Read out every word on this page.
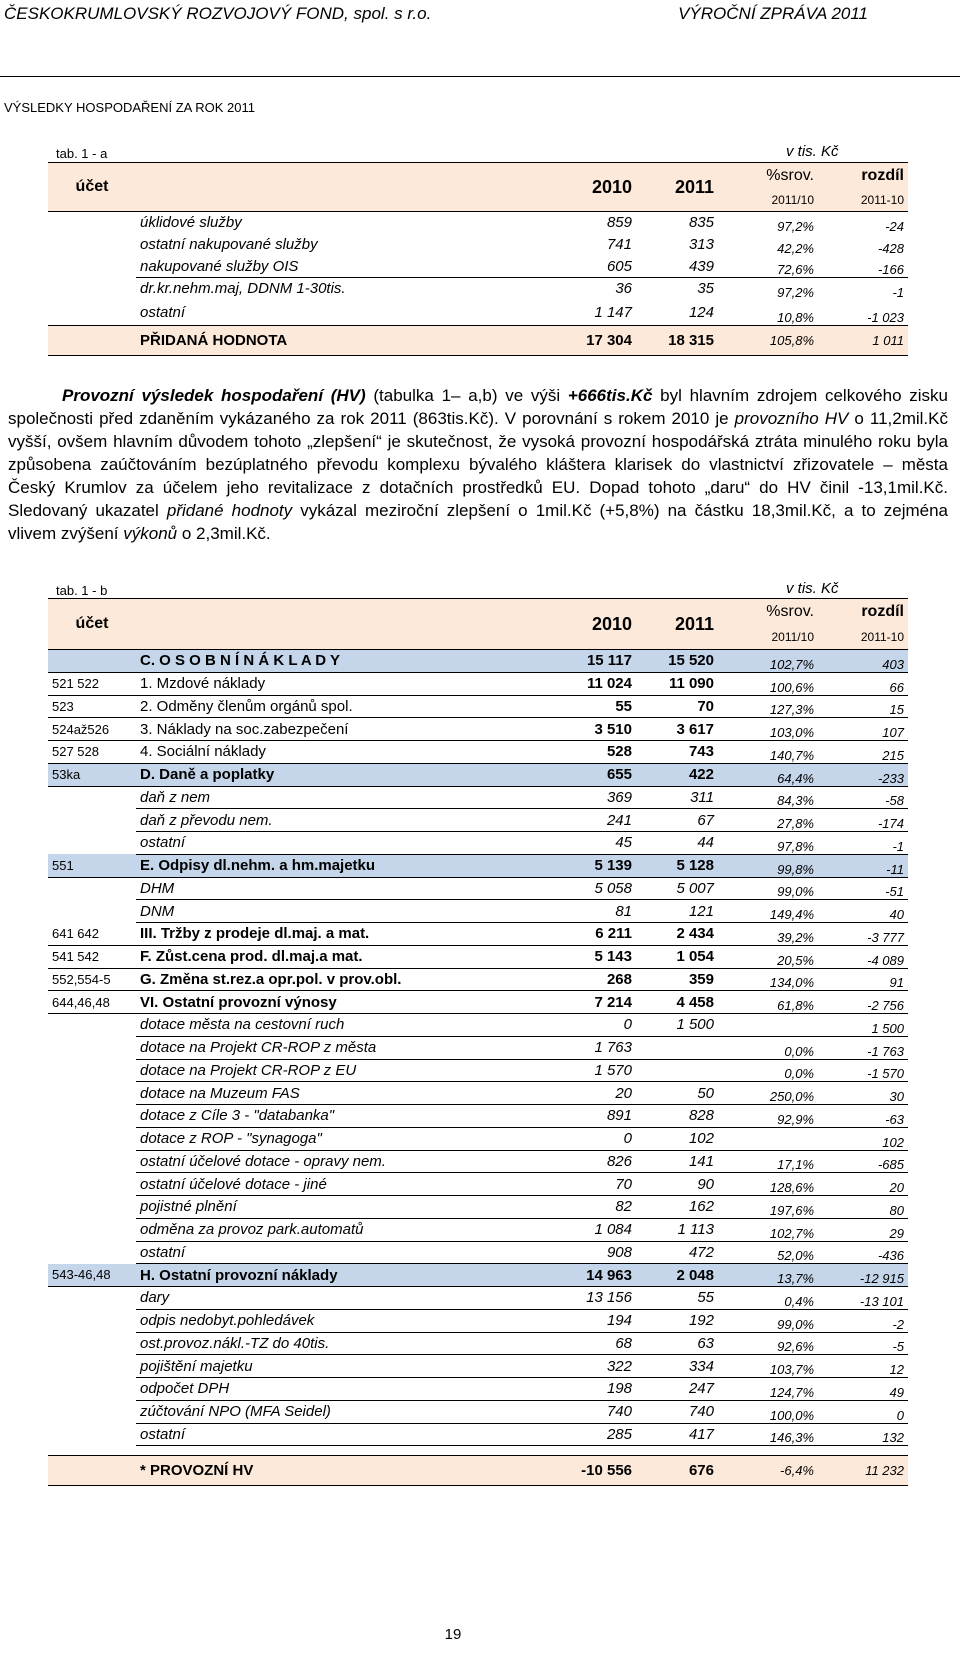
ČESKOKRUMLOVSKÝ ROZVOJOVÝ FOND, spol. s r.o.	VÝROČNÍ ZPRÁVA 2011
VÝSLEDKY HOSPODAŘENÍ ZA ROK 2011
tab. 1 - a	v tis. Kč
účet		2010	2011	%srov.	rozdíl
				2011/10	2011-10
	úklidové služby	859	835	97,2%	-24
	ostatní nakupované služby	741	313	42,2%	-428
	nakupované služby OIS	605	439	72,6%	-166
	dr.kr.nehm.maj, DDNM 1-30tis.	36	35	97,2%	-1
	ostatní	1 147	124	10,8%	-1 023
	PŘIDANÁ HODNOTA	17 304	18 315	105,8%	1 011
Provozní výsledek hospodaření (HV) (tabulka 1– a,b) ve výši +666tis.Kč byl hlavním zdrojem celkového zisku společnosti před zdaněním vykázaného za rok 2011 (863tis.Kč). V porovnání s rokem 2010 je provozního HV o 11,2mil.Kč vyšší, ovšem hlavním důvodem tohoto „zlepšení“ je skutečnost, že vysoká provozní hospodářská ztráta minulého roku byla způsobena zaúčtováním bezúplatného převodu komplexu bývalého kláštera klarisek do vlastnictví zřizovatele – města Český Krumlov za účelem jeho revitalizace z dotačních prostředků EU. Dopad tohoto „daru“ do HV činil -13,1mil.Kč. Sledovaný ukazatel přidané hodnoty vykázal meziroční zlepšení o 1mil.Kč (+5,8%) na částku 18,3mil.Kč, a to zejména vlivem zvýšení výkonů o 2,3mil.Kč.
tab. 1 - b	v tis. Kč
účet		2010	2011	%srov.	rozdíl
				2011/10	2011-10
	C. O S O B N Í N Á K L A D Y	15 117	15 520	102,7%	403
521 522	1. Mzdové náklady	11 024	11 090	100,6%	66
523	2. Odměny členům orgánů spol.	55	70	127,3%	15
524až526	3. Náklady na soc.zabezpečení	3 510	3 617	103,0%	107
527 528	4. Sociální náklady	528	743	140,7%	215
53ka	D. Daně a poplatky	655	422	64,4%	-233
	daň z nem	369	311	84,3%	-58
	daň z převodu nem.	241	67	27,8%	-174
	ostatní	45	44	97,8%	-1
551	E. Odpisy dl.nehm. a hm.majetku	5 139	5 128	99,8%	-11
	DHM	5 058	5 007	99,0%	-51
	DNM	81	121	149,4%	40
641 642	III. Tržby z prodeje dl.maj. a mat.	6 211	2 434	39,2%	-3 777
541 542	F. Zůst.cena prod. dl.maj.a mat.	5 143	1 054	20,5%	-4 089
552,554-5	G. Změna st.rez.a opr.pol. v prov.obl.	268	359	134,0%	91
644,46,48	VI. Ostatní provozní výnosy	7 214	4 458	61,8%	-2 756
	dotace města na cestovní ruch	0	1 500		1 500
	dotace na Projekt CR-ROP z města	1 763		0,0%	-1 763
	dotace na Projekt CR-ROP z EU	1 570		0,0%	-1 570
	dotace na Muzeum FAS	20	50	250,0%	30
	dotace z Cíle 3 - "databanka"	891	828	92,9%	-63
	dotace z ROP - "synagoga"	0	102		102
	ostatní účelové dotace - opravy nem.	826	141	17,1%	-685
	ostatní účelové dotace - jiné	70	90	128,6%	20
	pojistné plnění	82	162	197,6%	80
	odměna za provoz park.automatů	1 084	1 113	102,7%	29
	ostatní	908	472	52,0%	-436
543-46,48	H. Ostatní provozní náklady	14 963	2 048	13,7%	-12 915
	dary	13 156	55	0,4%	-13 101
	odpis nedobyt.pohledávek	194	192	99,0%	-2
	ost.provoz.nákl.-TZ do 40tis.	68	63	92,6%	-5
	pojištění majetku	322	334	103,7%	12
	odpočet DPH	198	247	124,7%	49
	zúčtování NPO (MFA Seidel)	740	740	100,0%	0
	ostatní	285	417	146,3%	132

	* PROVOZNÍ HV	-10 556	676	-6,4%	11 232
19
